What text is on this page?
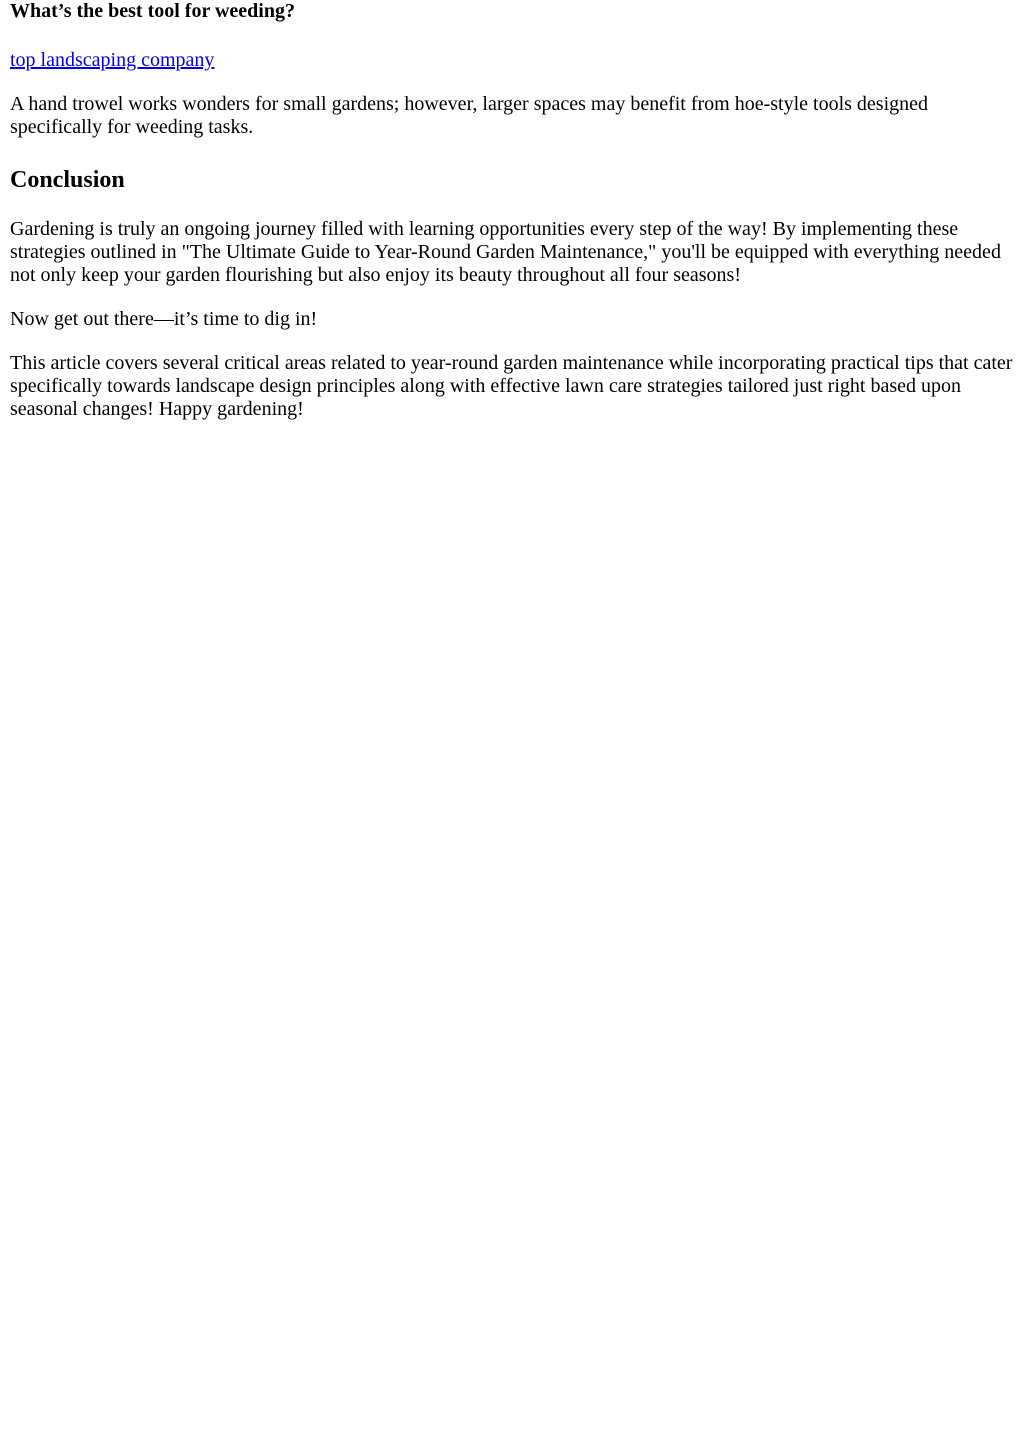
What’s the best tool for weeding?

top landscaping company

A hand trowel works wonders for small gardens; however, larger spaces may benefit from hoe-style tools designed specifically for weeding tasks.

Conclusion

Gardening is truly an ongoing journey filled with learning opportunities every step of the way! By implementing these strategies outlined in "The Ultimate Guide to Year-Round Garden Maintenance," you'll be equipped with everything needed not only keep your garden flourishing but also enjoy its beauty throughout all four seasons!

Now get out there—it’s time to dig in!

This article covers several critical areas related to year-round garden maintenance while incorporating practical tips that cater specifically towards landscape design principles along with effective lawn care strategies tailored just right based upon seasonal changes! Happy gardening!
